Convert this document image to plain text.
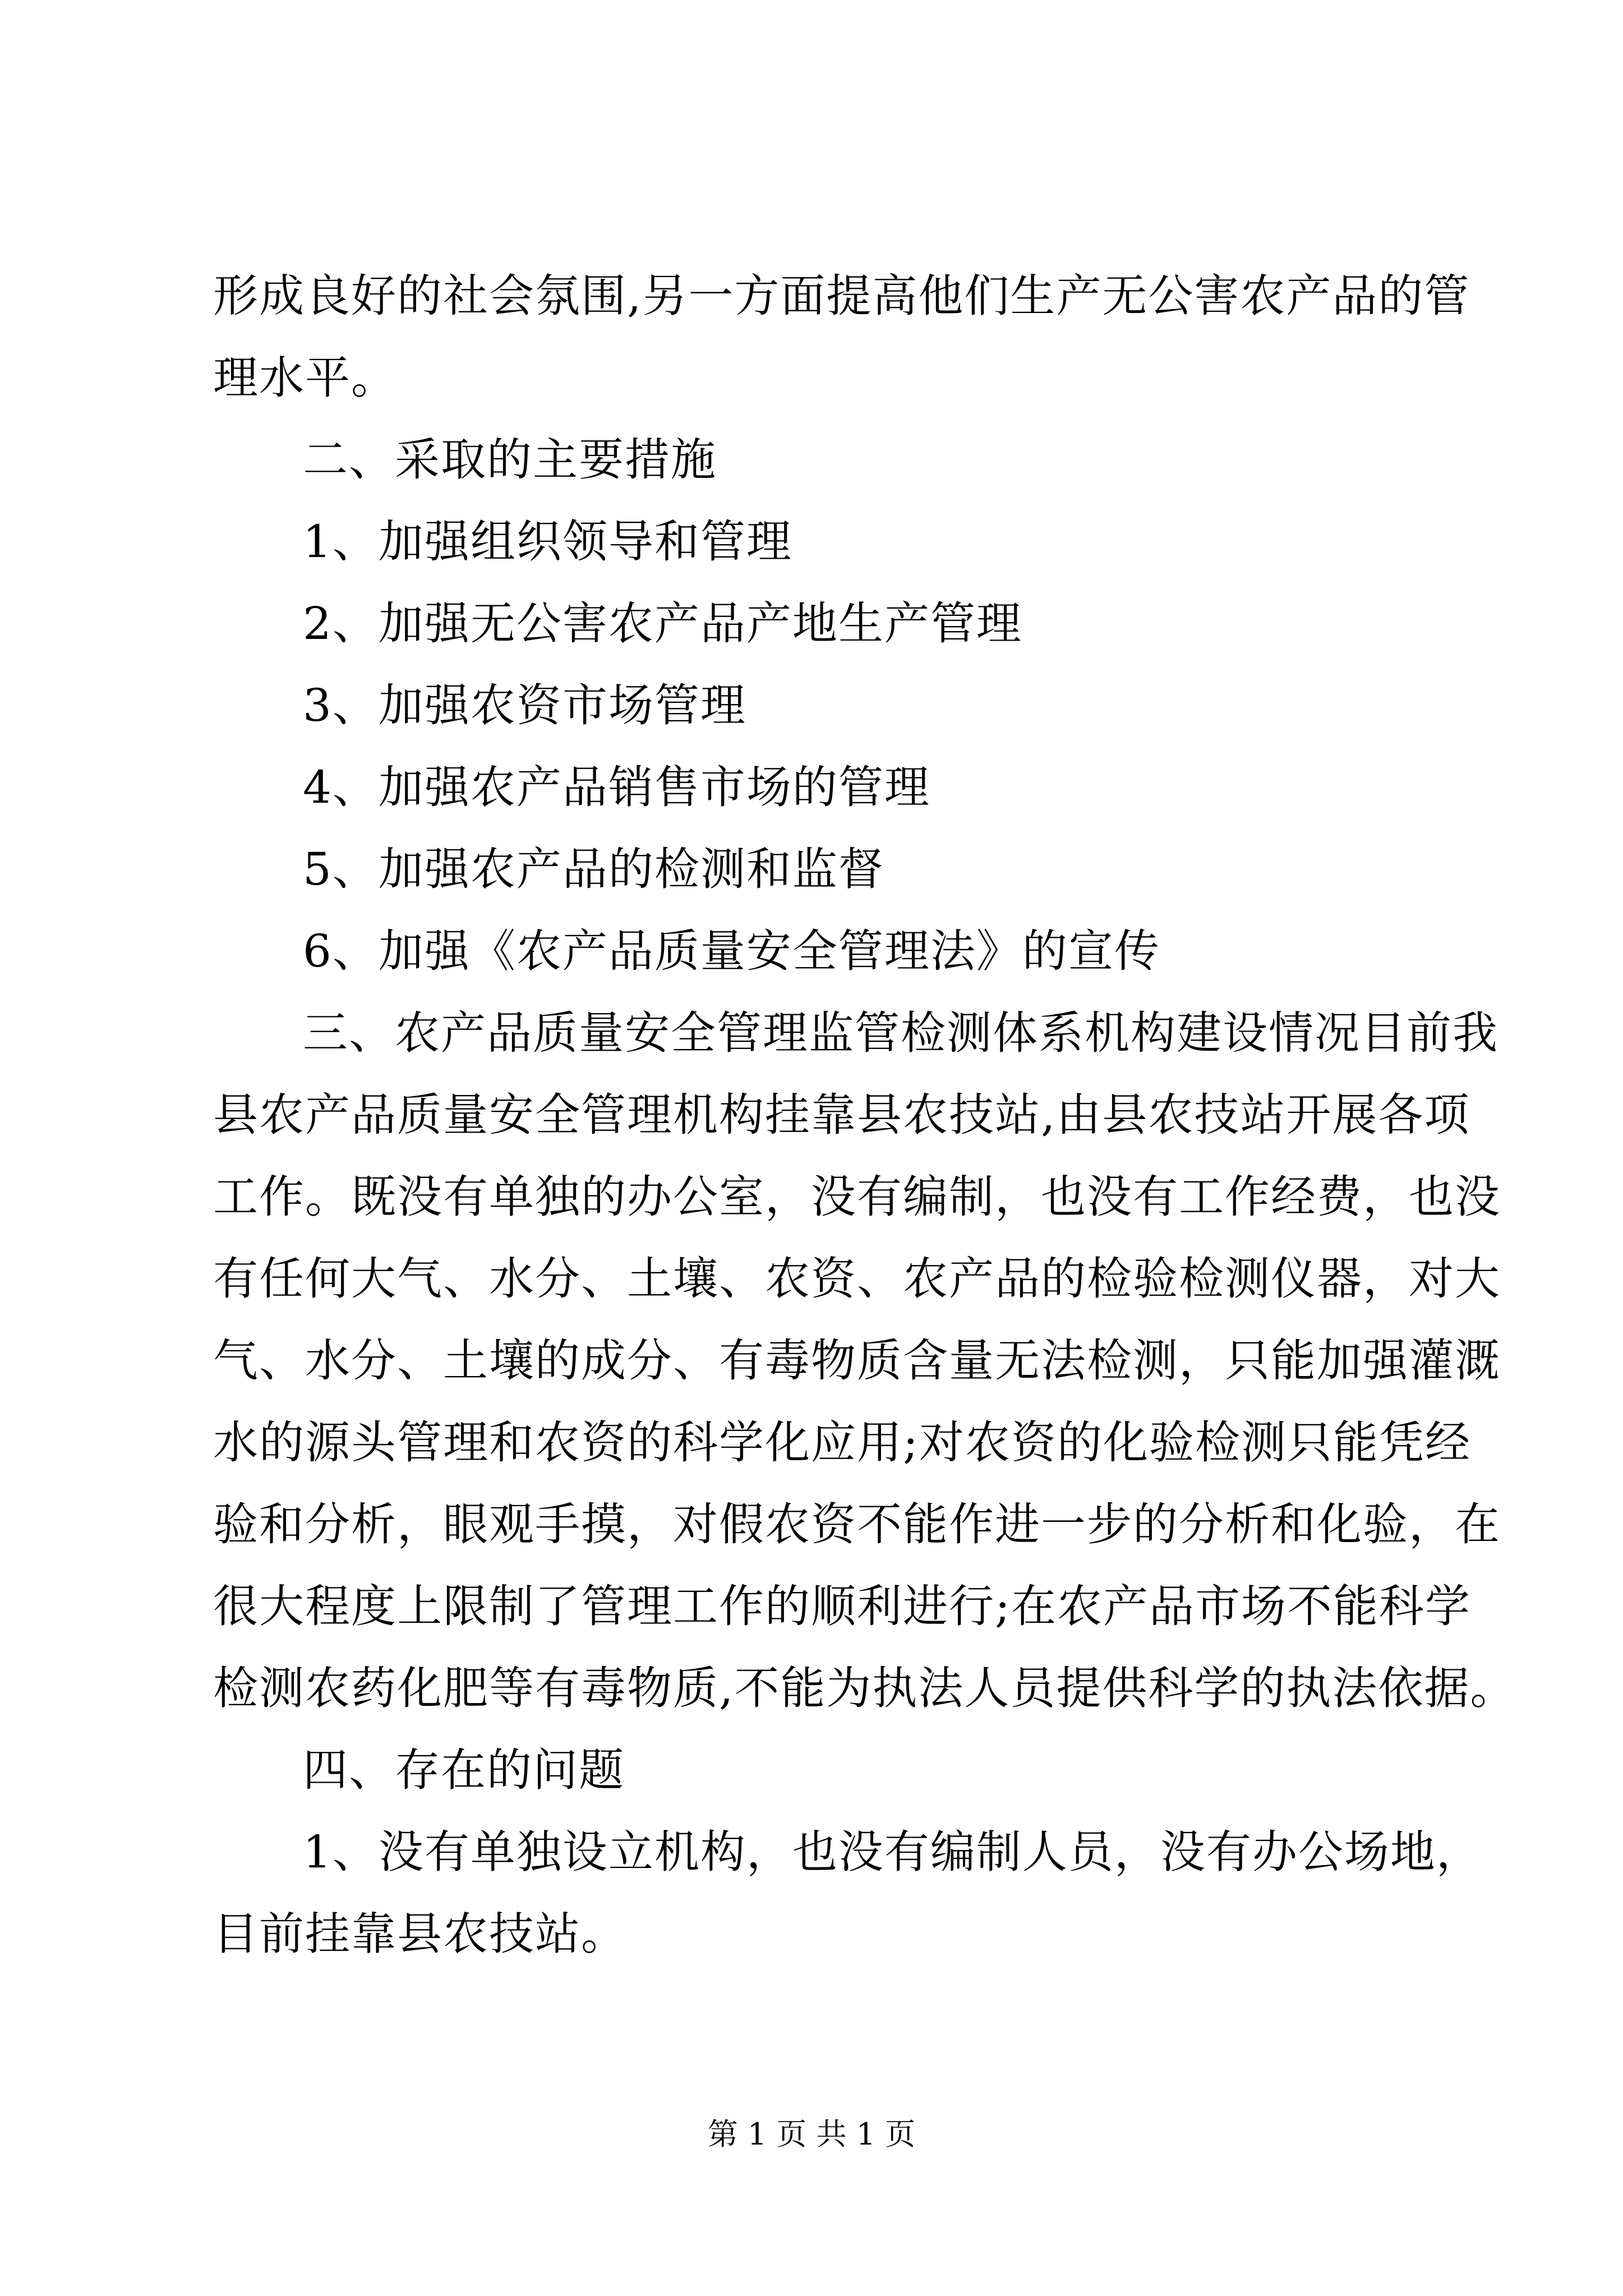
形成良好的社会氛围,另一方面提高他们生产无公害农产品的管
理水平。
二、采取的主要措施
1、加强组织领导和管理
2、加强无公害农产品产地生产管理
3、加强农资市场管理
4、加强农产品销售市场的管理
5、加强农产品的检测和监督
6、加强《农产品质量安全管理法》的宣传
三、农产品质量安全管理监管检测体系机构建设情况目前我
县农产品质量安全管理机构挂靠县农技站,由县农技站开展各项
工作。既没有单独的办公室，没有编制，也没有工作经费，也没
有任何大气、水分、土壤、农资、农产品的检验检测仪器，对大
气、水分、土壤的成分、有毒物质含量无法检测，只能加强灌溉
水的源头管理和农资的科学化应用;对农资的化验检测只能凭经
验和分析，眼观手摸，对假农资不能作进一步的分析和化验，在
很大程度上限制了管理工作的顺利进行;在农产品市场不能科学
检测农药化肥等有毒物质,不能为执法人员提供科学的执法依据。
四、存在的问题
1、没有单独设立机构，也没有编制人员，没有办公场地，
目前挂靠县农技站。
第 1 页 共 1 页
